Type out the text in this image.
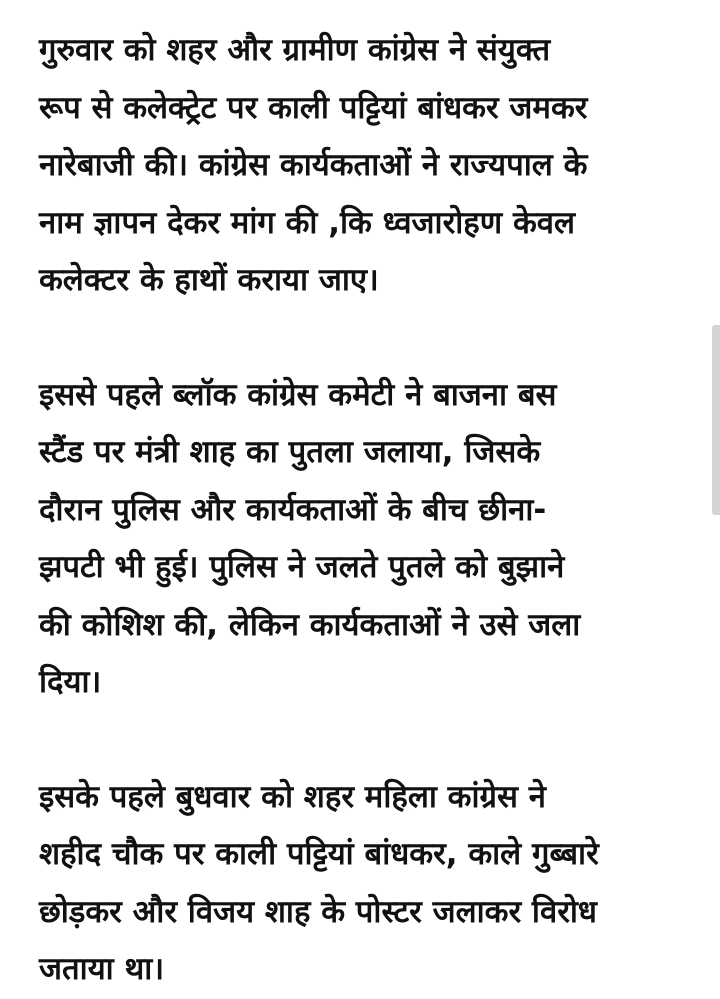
गुरुवार को शहर और ग्रामीण कांग्रेस ने संयुक्त
रूप से कलेक्ट्रेट पर काली पट्टियां बांधकर जमकर
नारेबाजी की। कांग्रेस कार्यकताओं ने राज्यपाल के
नाम ज्ञापन देकर मांग की ,कि ध्वजारोहण केवल
कलेक्टर के हाथों कराया जाए।
इससे पहले ब्लॉक कांग्रेस कमेटी ने बाजना बस
स्टैंड पर मंत्री शाह का पुतला जलाया, जिसके
दौरान पुलिस और कार्यकताओं के बीच छीना-
झपटी भी हुई। पुलिस ने जलते पुतले को बुझाने
की कोशिश की, लेकिन कार्यकताओं ने उसे जला
दिया।
इसके पहले बुधवार को शहर महिला कांग्रेस ने
शहीद चौक पर काली पट्टियां बांधकर, काले गुब्बारे
छोड़कर और विजय शाह के पोस्टर जलाकर विरोध
जताया था।
